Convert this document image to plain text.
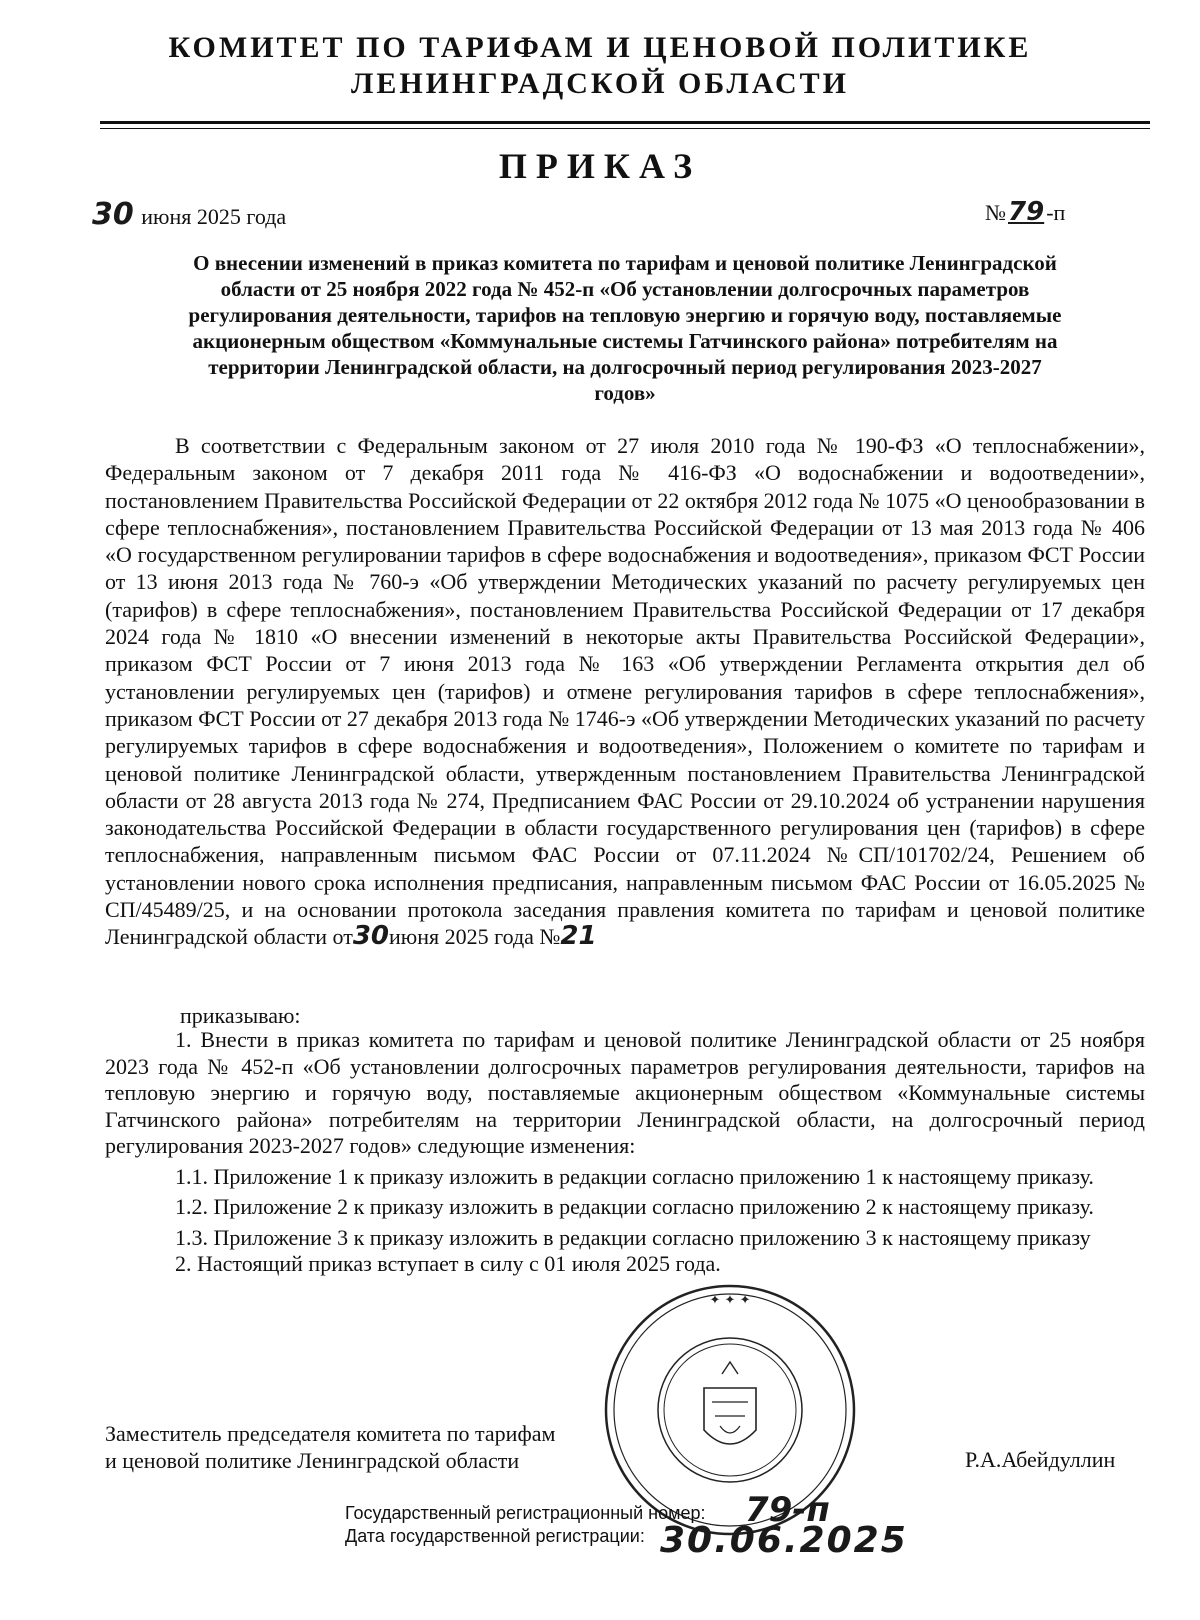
КОМИТЕТ ПО ТАРИФАМ И ЦЕНОВОЙ ПОЛИТИКЕ
ЛЕНИНГРАДСКОЙ ОБЛАСТИ
ПРИКАЗ
30 июня 2025 года	№79-п

О внесении изменений в приказ комитета по тарифам и ценовой политике Ленинградской

области от 25 ноября 2022 года № 452-п «Об установлении долгосрочных параметров

регулирования деятельности, тарифов на тепловую энергию и горячую воду, поставляемые

акционерным обществом «Коммунальные системы Гатчинского района» потребителям на

территории Ленинградской области, на долгосрочный период регулирования 2023-2027

годов»

В соответствии с Федеральным законом от 27 июля 2010 года № 190-ФЗ «О теплоснабжении», Федеральным законом от 7 декабря 2011 года № 416-ФЗ «О водоснабжении и водоотведении», постановлением Правительства Российской Федерации от 22 октября 2012 года № 1075 «О ценообразовании в сфере теплоснабжения», постановлением Правительства Российской Федерации от 13 мая 2013 года № 406 «О государственном регулировании тарифов в сфере водоснабжения и водоотведения», приказом ФСТ России от 13 июня 2013 года № 760-э «Об утверждении Методических указаний по расчету регулируемых цен (тарифов) в сфере теплоснабжения», постановлением Правительства Российской Федерации от 17 декабря 2024 года № 1810 «О внесении изменений в некоторые акты Правительства Российской Федерации», приказом ФСТ России от 7 июня 2013 года № 163 «Об утверждении Регламента открытия дел об установлении регулируемых цен (тарифов) и отмене регулирования тарифов в сфере теплоснабжения», приказом ФСТ России от 27 декабря 2013 года № 1746-э «Об утверждении Методических указаний по расчету регулируемых тарифов в сфере водоснабжения и водоотведения», Положением о комитете по тарифам и ценовой политике Ленинградской области, утвержденным постановлением Правительства Ленинградской области от 28 августа 2013 года № 274, Предписанием ФАС России от 29.10.2024 об устранении нарушения законодательства Российской Федерации в области государственного регулирования цен (тарифов) в сфере теплоснабжения, направленным письмом ФАС России от 07.11.2024 №СП/101702/24, Решением об установлении нового срока исполнения предписания, направленным письмом ФАС России от 16.05.2025 № СП/45489/25, и на основании протокола заседания правления комитета по тарифам и ценовой политике Ленинградской области от30июня 2025 года №21

приказываю:

1. Внести в приказ комитета по тарифам и ценовой политике Ленинградской области от 25 ноября 2023 года № 452-п «Об установлении долгосрочных параметров регулирования деятельности, тарифов на тепловую энергию и горячую воду, поставляемые акционерным обществом «Коммунальные системы Гатчинского района» потребителям на территории Ленинградской области, на долгосрочный период регулирования 2023-2027 годов» следующие изменения:

1.1. Приложение 1 к приказу изложить в редакции согласно приложению 1 к настоящему приказу.

1.2. Приложение 2 к приказу изложить в редакции согласно приложению 2 к настоящему приказу.

1.3. Приложение 3 к приказу изложить в редакции согласно приложению 3 к настоящему приказу

2. Настоящий приказ вступает в силу с 01 июля 2025 года.

✦ ✦ ✦

Заместитель председателя комитета по тарифам

и ценовой политике Ленинградской области	Р.А.Абейдуллин
Государственный регистрационный номер:
Дата государственной регистрации:
79-п
30.06.2025
